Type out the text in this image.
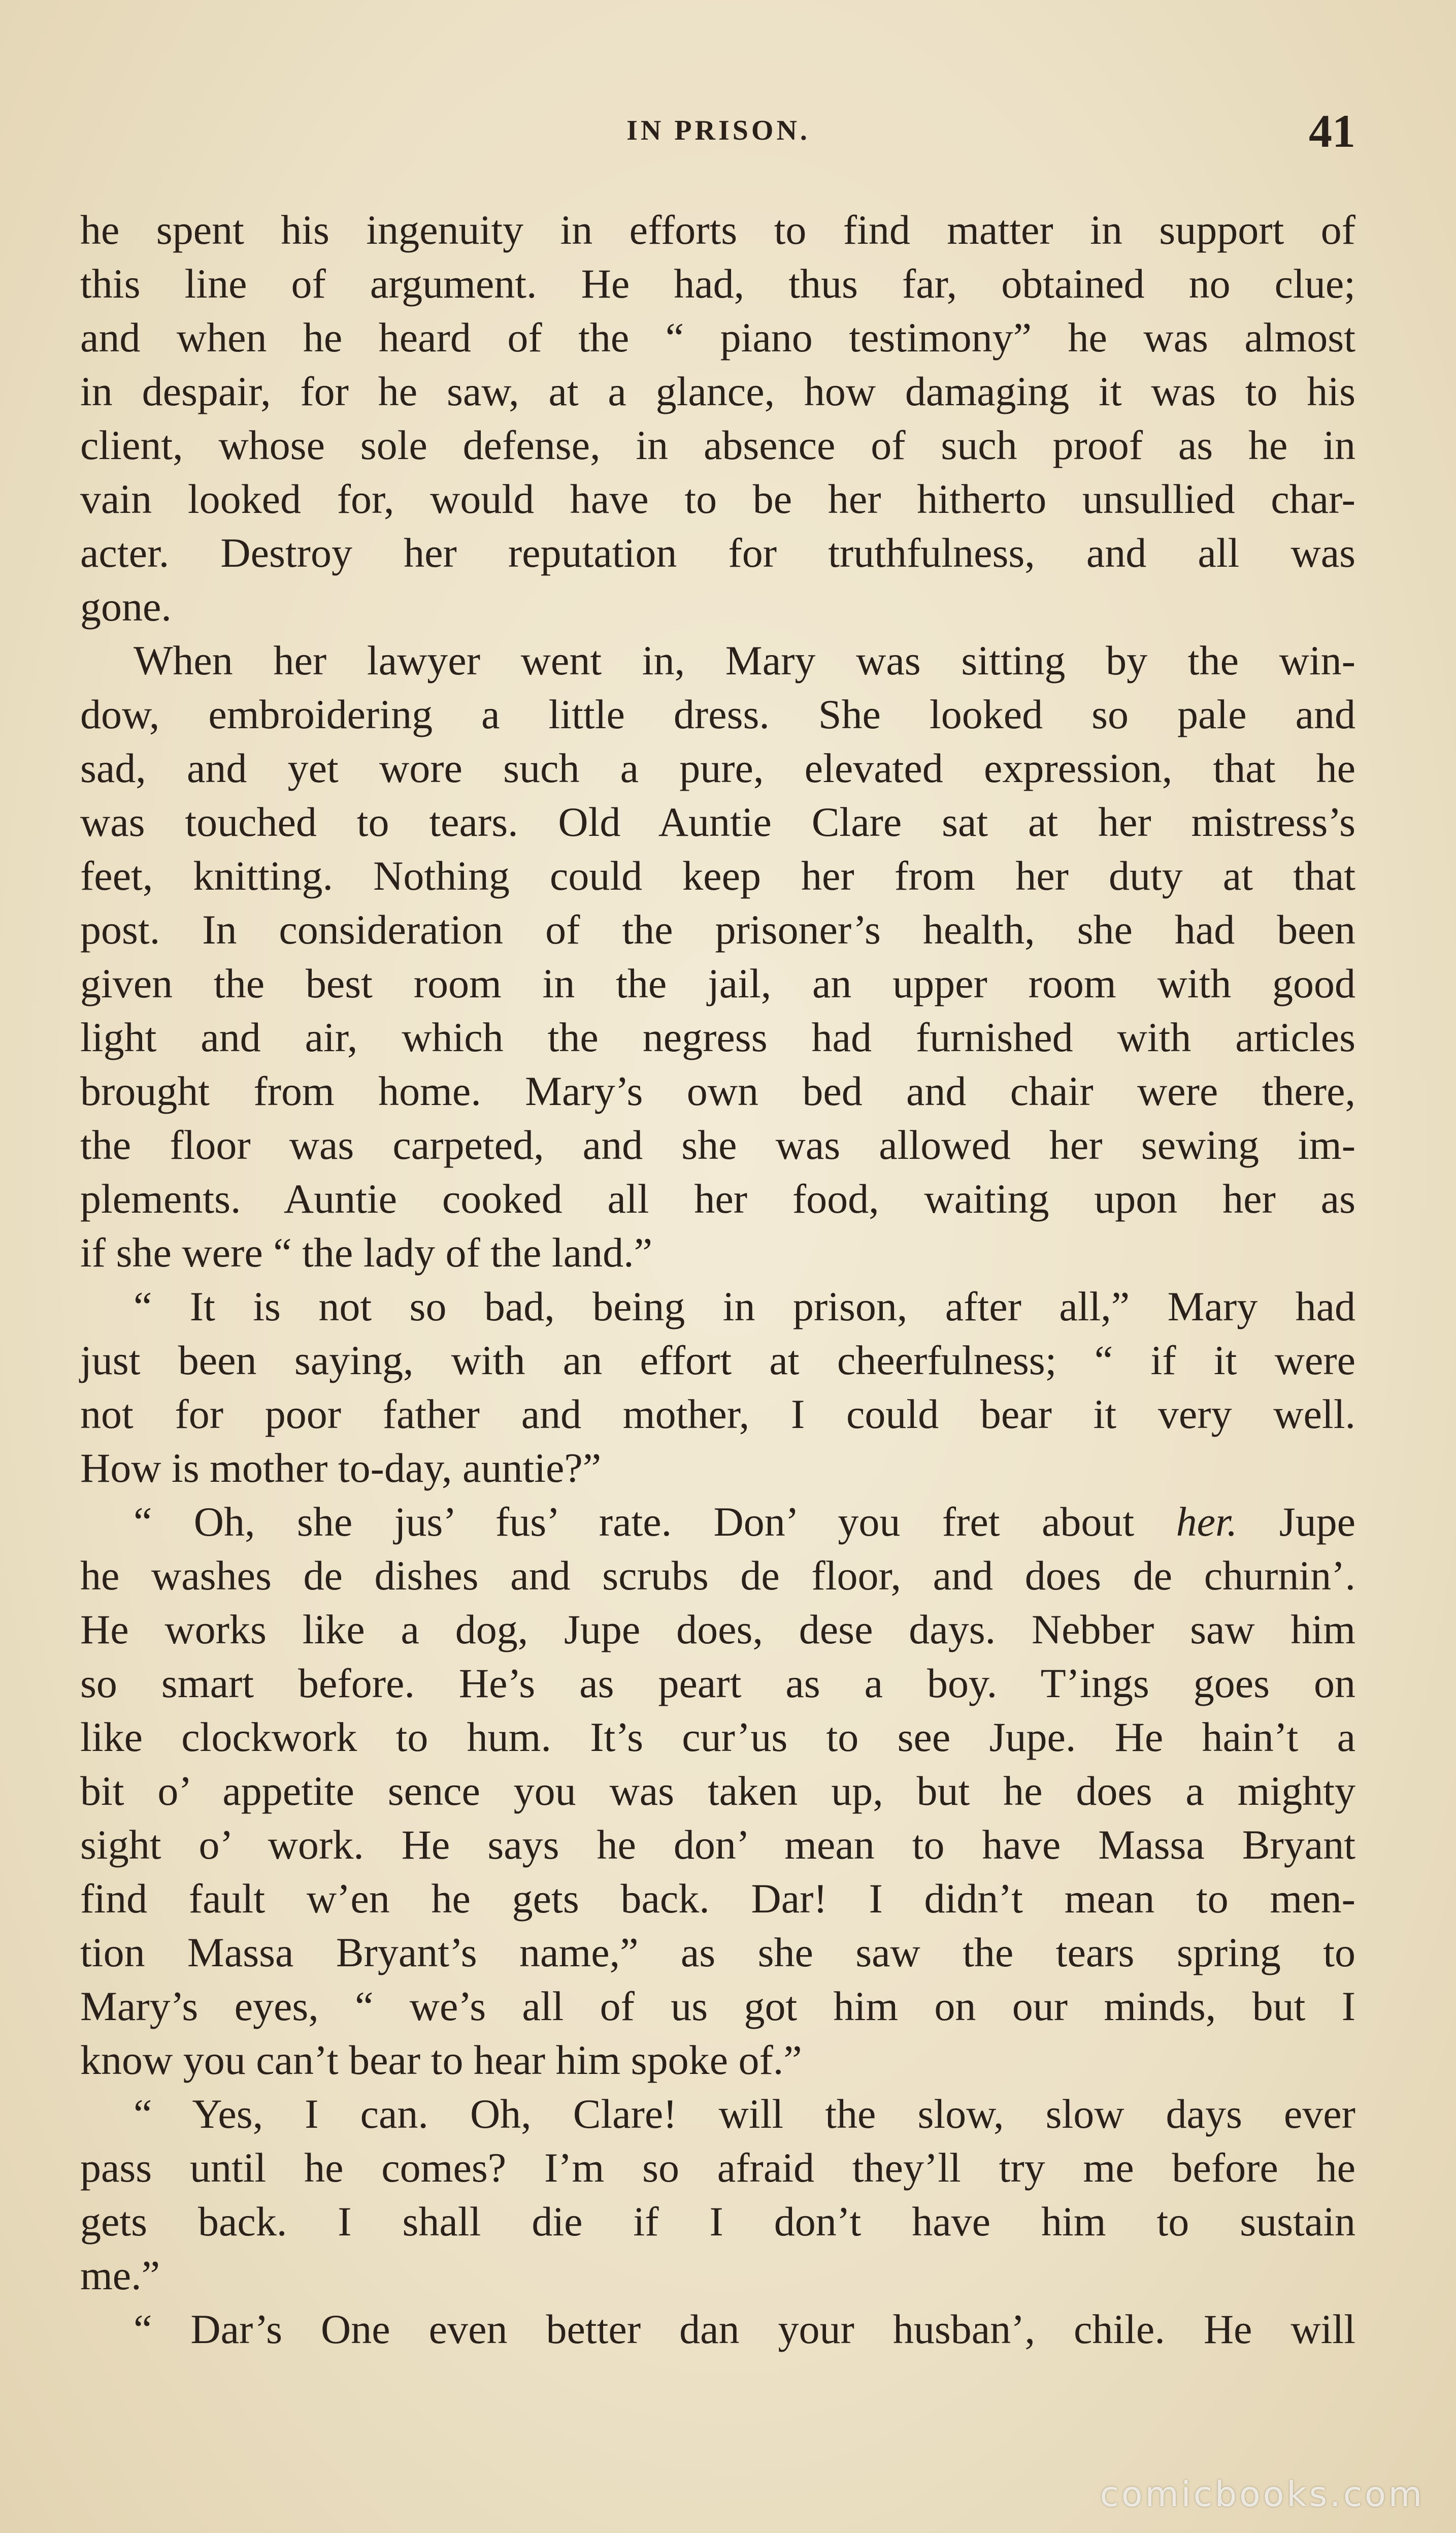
IN PRISON.	41
he spent his ingenuity in efforts to find matter in support of
this line of argument. He had, thus far, obtained no clue;
and when he heard of the “ piano testimony” he was almost
in despair, for he saw, at a glance, how damaging it was to his
client, whose sole defense, in absence of such proof as he in
vain looked for, would have to be her hitherto unsullied char-
acter. Destroy her reputation for truthfulness, and all was
gone.
When her lawyer went in, Mary was sitting by the win-
dow, embroidering a little dress. She looked so pale and
sad, and yet wore such a pure, elevated expression, that he
was touched to tears. Old Auntie Clare sat at her mistress’s
feet, knitting. Nothing could keep her from her duty at that
post. In consideration of the prisoner’s health, she had been
given the best room in the jail, an upper room with good
light and air, which the negress had furnished with articles
brought from home. Mary’s own bed and chair were there,
the floor was carpeted, and she was allowed her sewing im-
plements. Auntie cooked all her food, waiting upon her as
if she were “ the lady of the land.”
“ It is not so bad, being in prison, after all,” Mary had
just been saying, with an effort at cheerfulness; “ if it were
not for poor father and mother, I could bear it very well.
How is mother to-day, auntie?”
“ Oh, she jus’ fus’ rate. Don’ you fret about her. Jupe
he washes de dishes and scrubs de floor, and does de churnin’.
He works like a dog, Jupe does, dese days. Nebber saw him
so smart before. He’s as peart as a boy. T’ings goes on
like clockwork to hum. It’s cur’us to see Jupe. He hain’t a
bit o’ appetite sence you was taken up, but he does a mighty
sight o’ work. He says he don’ mean to have Massa Bryant
find fault w’en he gets back. Dar! I didn’t mean to men-
tion Massa Bryant’s name,” as she saw the tears spring to
Mary’s eyes, “ we’s all of us got him on our minds, but I
know you can’t bear to hear him spoke of.”
“ Yes, I can. Oh, Clare! will the slow, slow days ever
pass until he comes? I’m so afraid they’ll try me before he
gets back. I shall die if I don’t have him to sustain
me.”
“ Dar’s One even better dan your husban’, chile. He will
comicbooks.com
